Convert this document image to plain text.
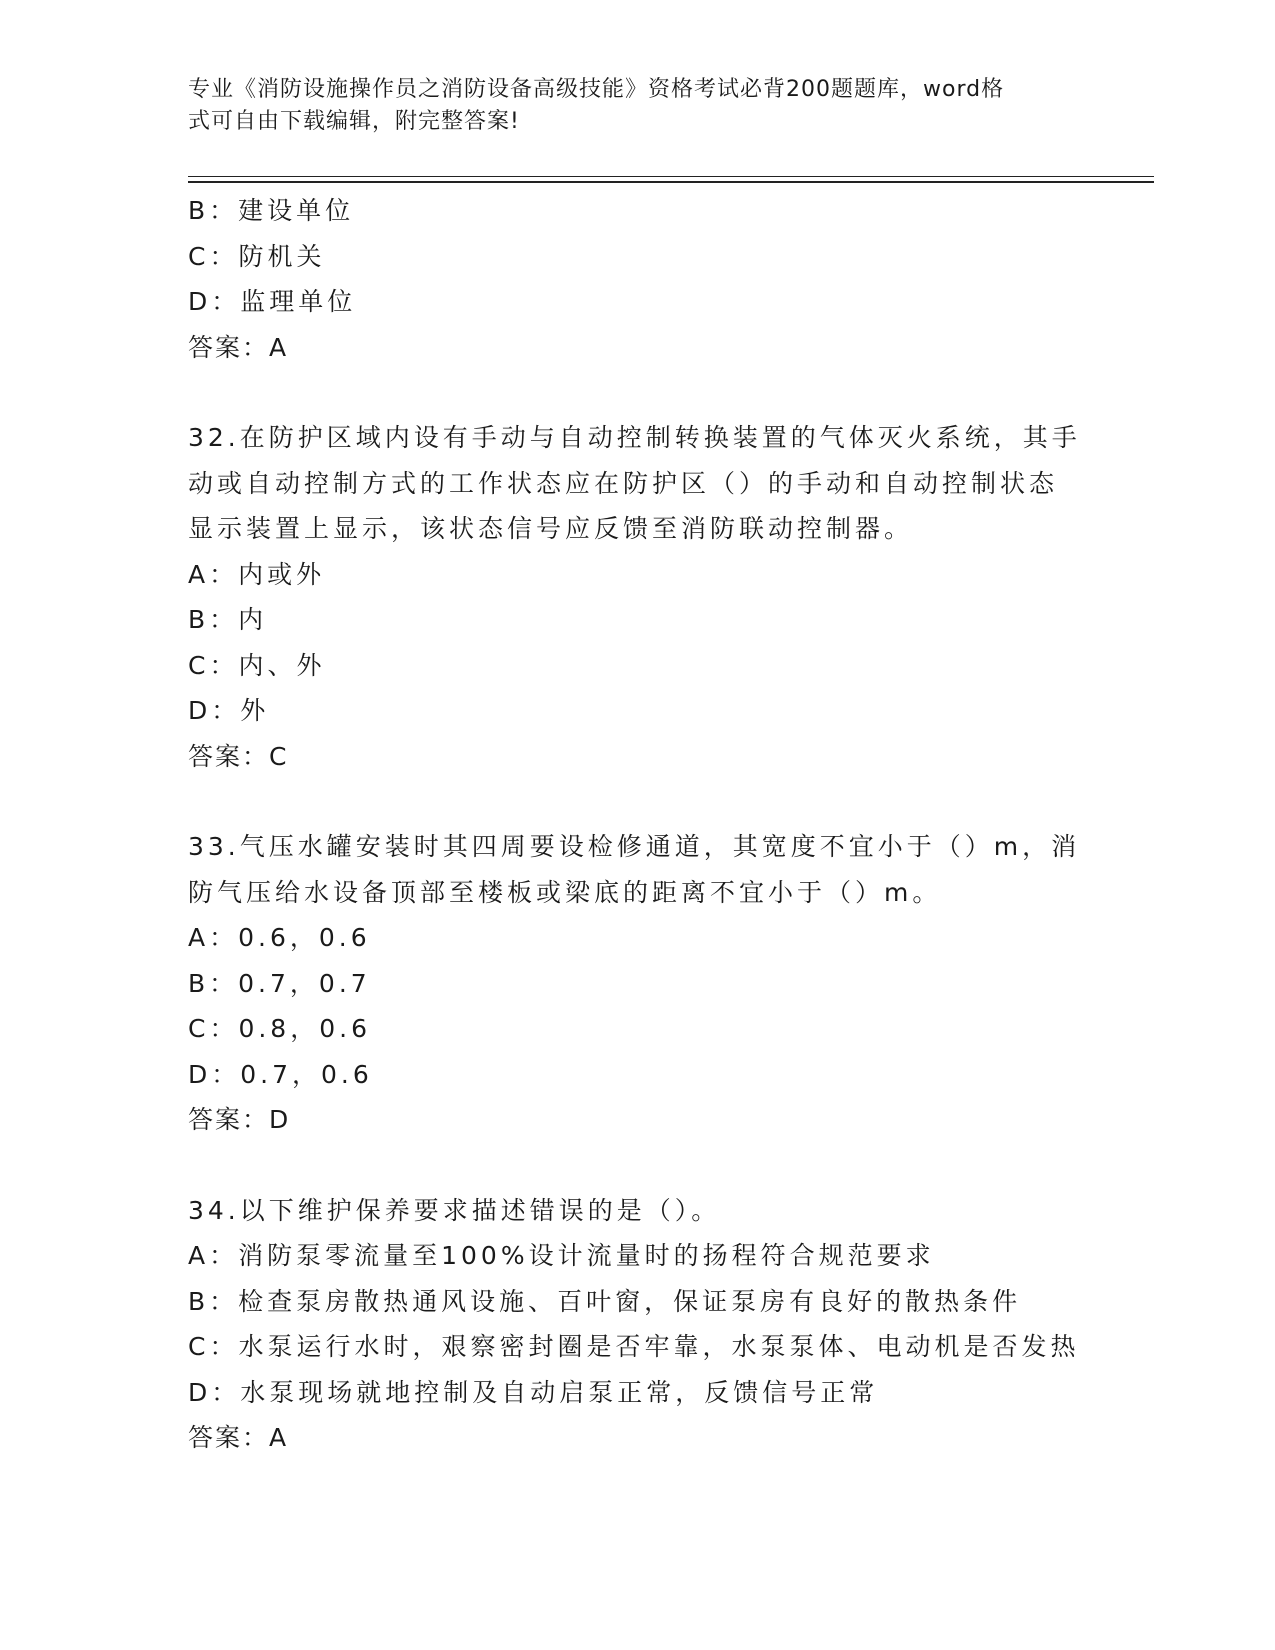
专业《消防设施操作员之消防设备高级技能》资格考试必背200题题库，word格
式可自由下载编辑，附完整答案!

B：建设单位

C：防机关

D：监理单位

答案：A

32.在防护区域内设有手动与自动控制转换装置的气体灭火系统，其手

动或自动控制方式的工作状态应在防护区（）的手动和自动控制状态

显示装置上显示，该状态信号应反馈至消防联动控制器。

A：内或外

B：内

C：内、外

D：外

答案：C

33.气压水罐安装时其四周要设检修通道，其宽度不宜小于（）m，消

防气压给水设备顶部至楼板或梁底的距离不宜小于（）m。

A：0.6，0.6

B：0.7，0.7

C：0.8，0.6

D：0.7，0.6

答案：D

34.以下维护保养要求描述错误的是（）。

A：消防泵零流量至100%设计流量时的扬程符合规范要求

B：检查泵房散热通风设施、百叶窗，保证泵房有良好的散热条件

C：水泵运行水时，艰察密封圈是否牢靠，水泵泵体、电动机是否发热

D：水泵现场就地控制及自动启泵正常，反馈信号正常

答案：A
